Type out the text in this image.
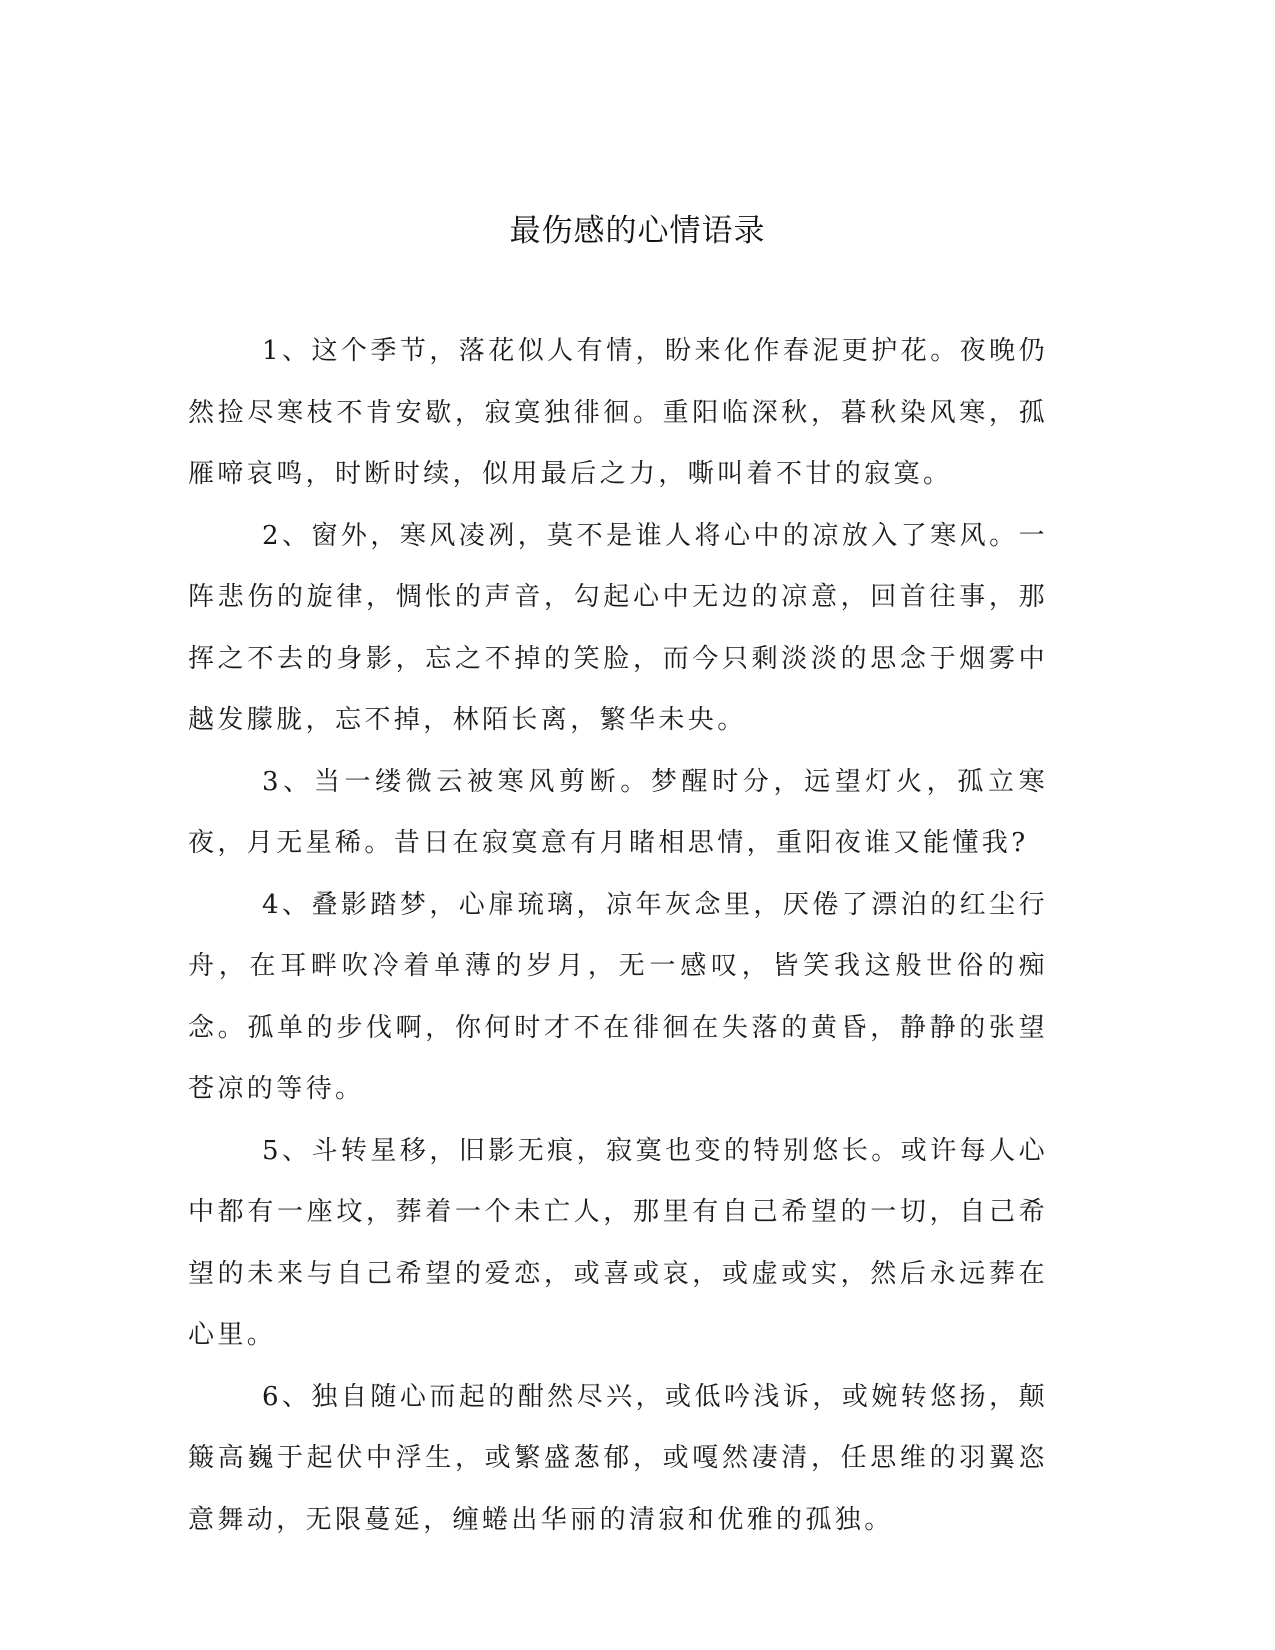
最伤感的心情语录

1、这个季节，落花似人有情，盼来化作春泥更护花。夜晚仍然捡尽寒枝不肯安歇，寂寞独徘徊。重阳临深秋，暮秋染风寒，孤雁啼哀鸣，时断时续，似用最后之力，嘶叫着不甘的寂寞。

2、窗外，寒风凌冽，莫不是谁人将心中的凉放入了寒风。一阵悲伤的旋律，惆怅的声音，勾起心中无边的凉意，回首往事，那挥之不去的身影，忘之不掉的笑脸，而今只剩淡淡的思念于烟雾中越发朦胧，忘不掉，林陌长离，繁华未央。

3、当一缕微云被寒风剪断。梦醒时分，远望灯火，孤立寒夜，月无星稀。昔日在寂寞意有月睹相思情，重阳夜谁又能懂我?

4、叠影踏梦，心扉琉璃，凉年灰念里，厌倦了漂泊的红尘行舟，在耳畔吹冷着单薄的岁月，无一感叹，皆笑我这般世俗的痴念。孤单的步伐啊，你何时才不在徘徊在失落的黄昏，静静的张望苍凉的等待。

5、斗转星移，旧影无痕，寂寞也变的特别悠长。或许每人心中都有一座坟，葬着一个未亡人，那里有自己希望的一切，自己希望的未来与自己希望的爱恋，或喜或哀，或虚或实，然后永远葬在心里。

6、独自随心而起的酣然尽兴，或低吟浅诉，或婉转悠扬，颠簸高巍于起伏中浮生，或繁盛葱郁，或嘎然凄清，任思维的羽翼恣意舞动，无限蔓延，缠蜷出华丽的清寂和优雅的孤独。
